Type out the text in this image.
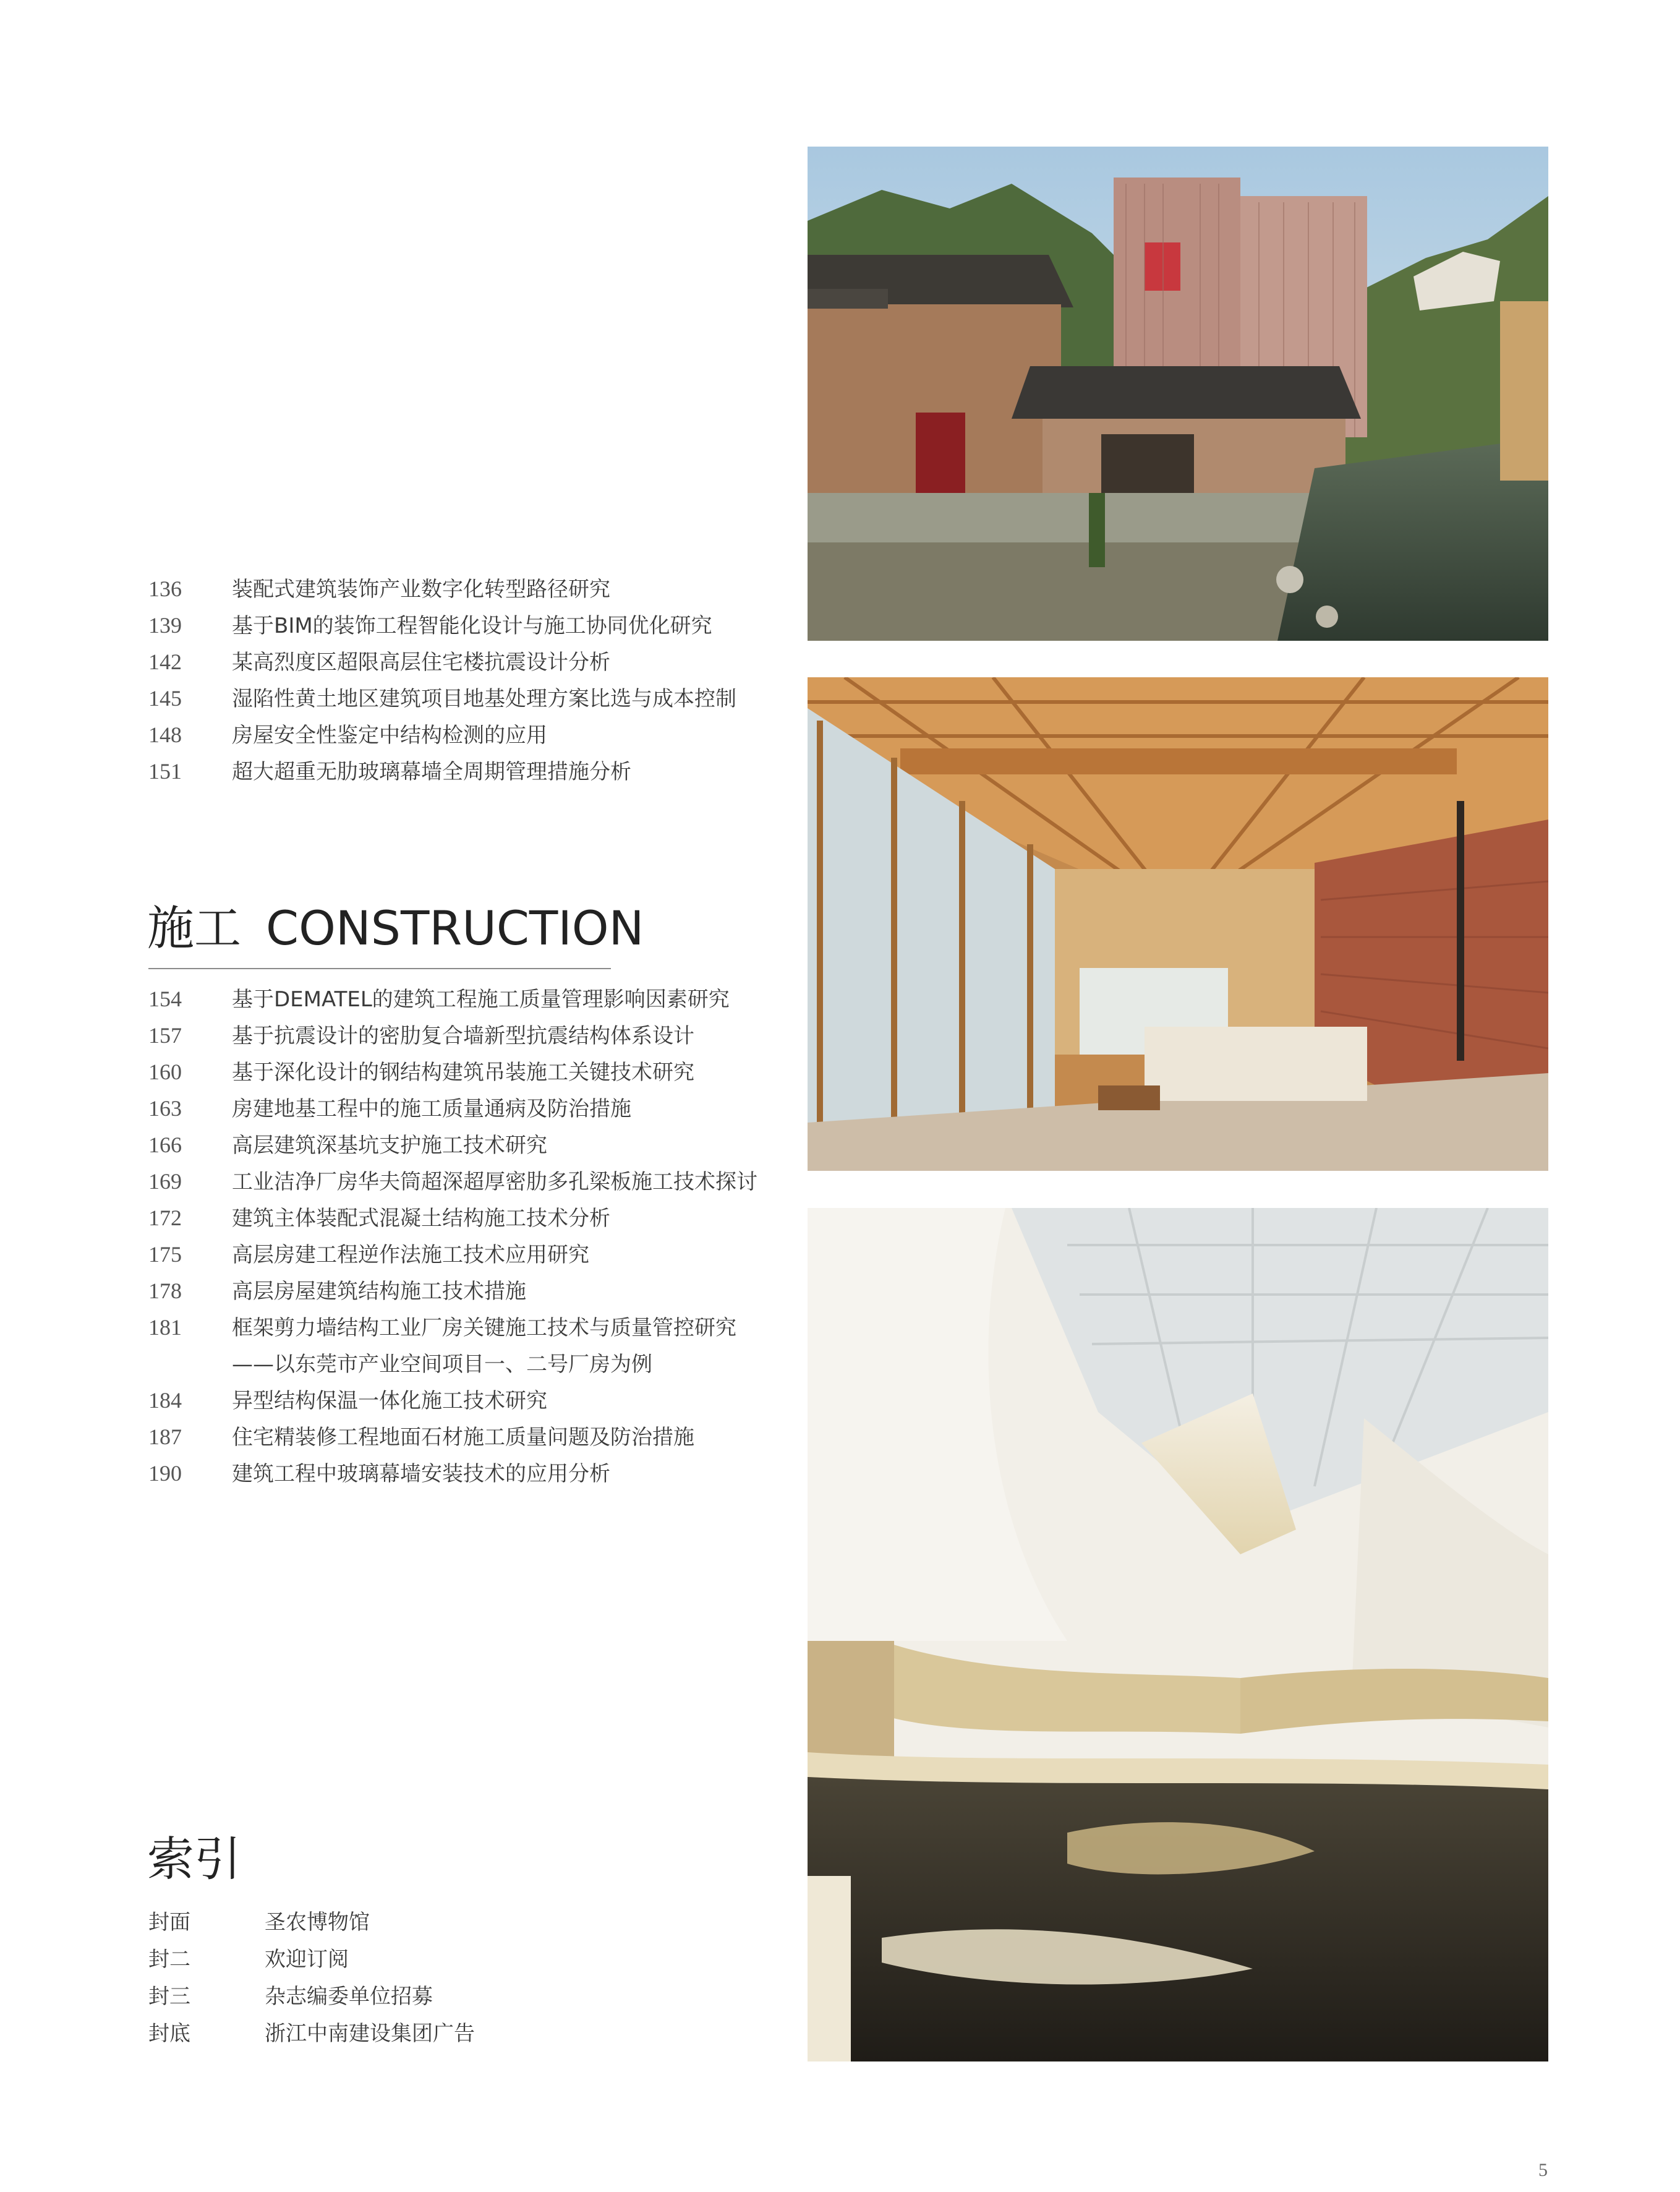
136	装配式建筑装饰产业数字化转型路径研究
139	基于BIM的装饰工程智能化设计与施工协同优化研究
142	某高烈度区超限高层住宅楼抗震设计分析
145	湿陷性黄土地区建筑项目地基处理方案比选与成本控制
148	房屋安全性鉴定中结构检测的应用
151	超大超重无肋玻璃幕墙全周期管理措施分析
施工 CONSTRUCTION
154	基于DEMATEL的建筑工程施工质量管理影响因素研究
157	基于抗震设计的密肋复合墙新型抗震结构体系设计
160	基于深化设计的钢结构建筑吊装施工关键技术研究
163	房建地基工程中的施工质量通病及防治措施
166	高层建筑深基坑支护施工技术研究
169	工业洁净厂房华夫筒超深超厚密肋多孔梁板施工技术探讨
172	建筑主体装配式混凝土结构施工技术分析
175	高层房建工程逆作法施工技术应用研究
178	高层房屋建筑结构施工技术措施
181	框架剪力墙结构工业厂房关键施工技术与质量管控研究
——以东莞市产业空间项目一、二号厂房为例
184	异型结构保温一体化施工技术研究
187	住宅精装修工程地面石材施工质量问题及防治措施
190	建筑工程中玻璃幕墙安装技术的应用分析
索引
封面	圣农博物馆
封二	欢迎订阅
封三	杂志编委单位招募
封底	浙江中南建设集团广告
5
